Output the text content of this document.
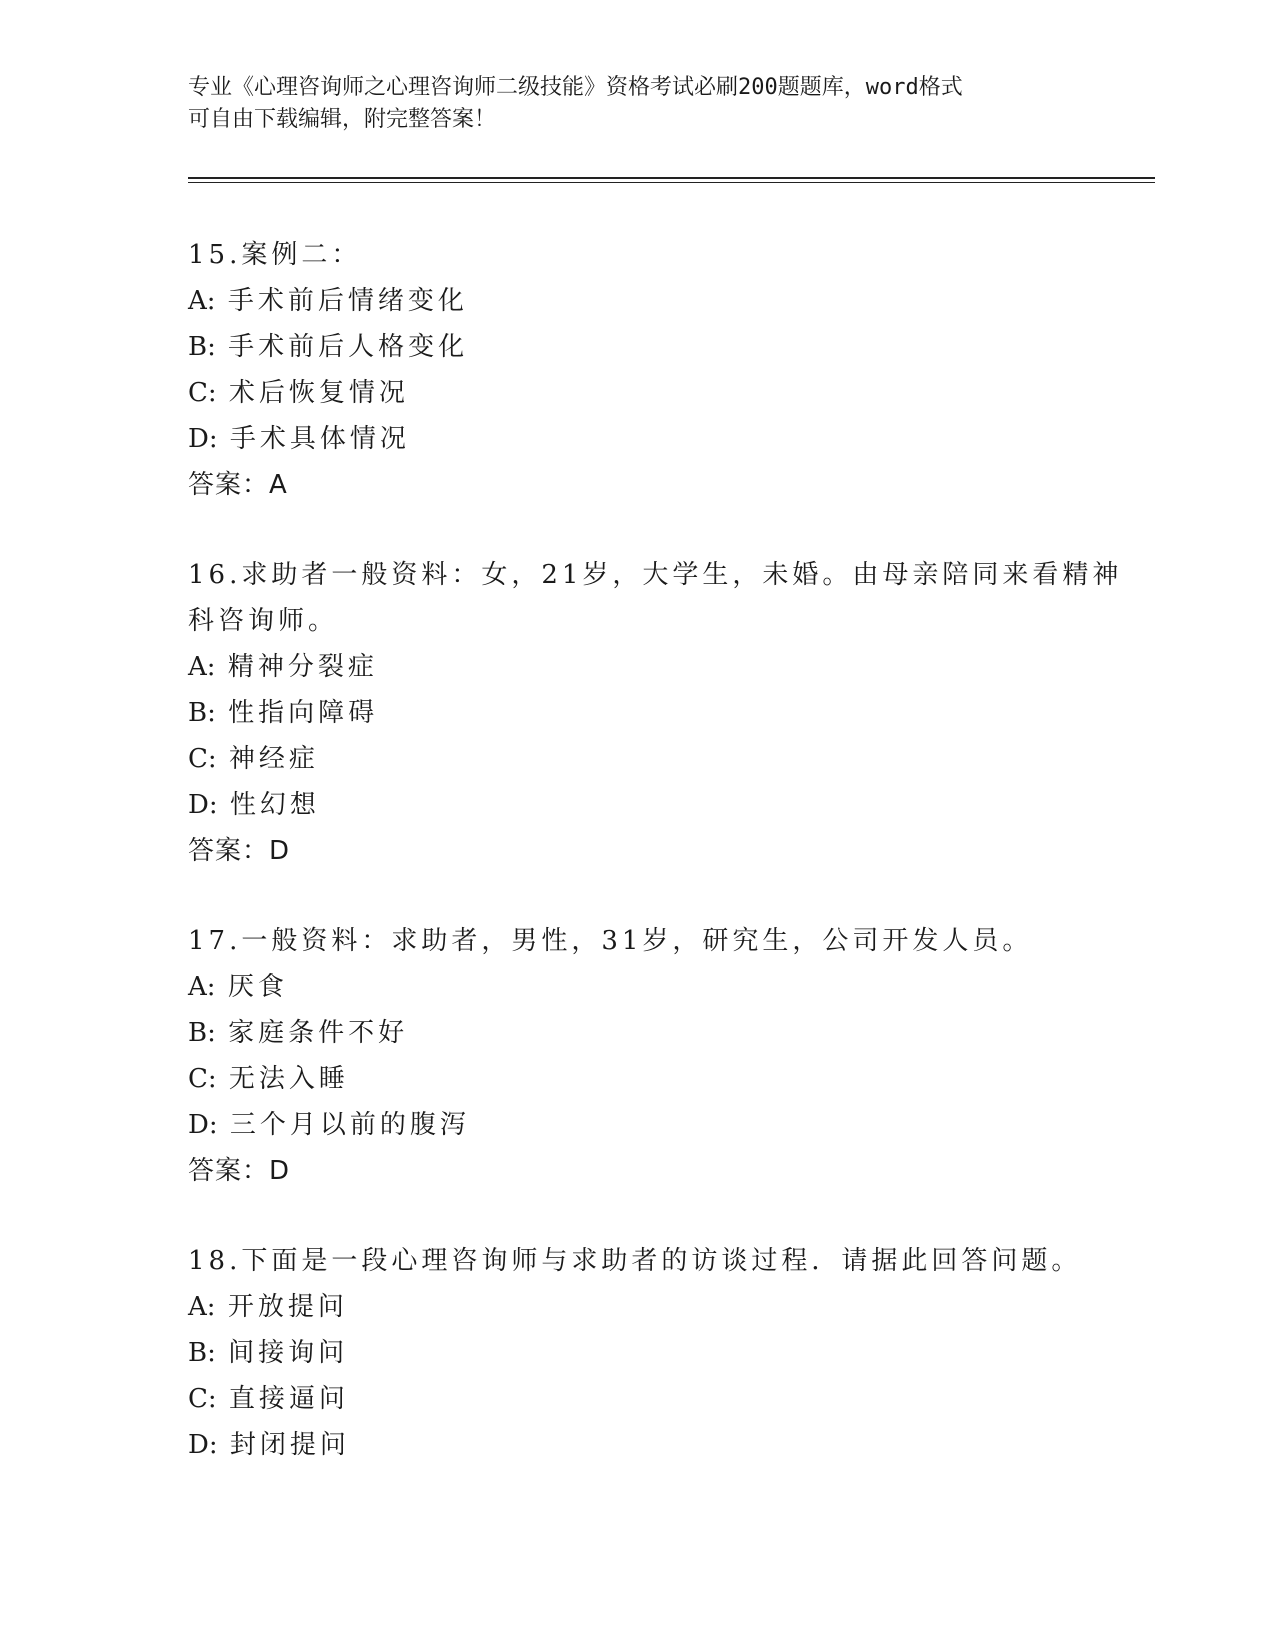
专业《心理咨询师之心理咨询师二级技能》资格考试必刷200题题库，word格式
可自由下载编辑，附完整答案！
15.案例二：
A: 手术前后情绪变化
B: 手术前后人格变化
C: 术后恢复情况
D: 手术具体情况
答案：A
16.求助者一般资料：女，21岁，大学生，未婚。由母亲陪同来看精神
科咨询师。
A: 精神分裂症
B: 性指向障碍
C: 神经症
D: 性幻想
答案：D
17.一般资料：求助者，男性，31岁，研究生，公司开发人员。
A: 厌食
B: 家庭条件不好
C: 无法入睡
D: 三个月以前的腹泻
答案：D
18.下面是一段心理咨询师与求助者的访谈过程．请据此回答问题。
A: 开放提问
B: 间接询问
C: 直接逼问
D: 封闭提问
